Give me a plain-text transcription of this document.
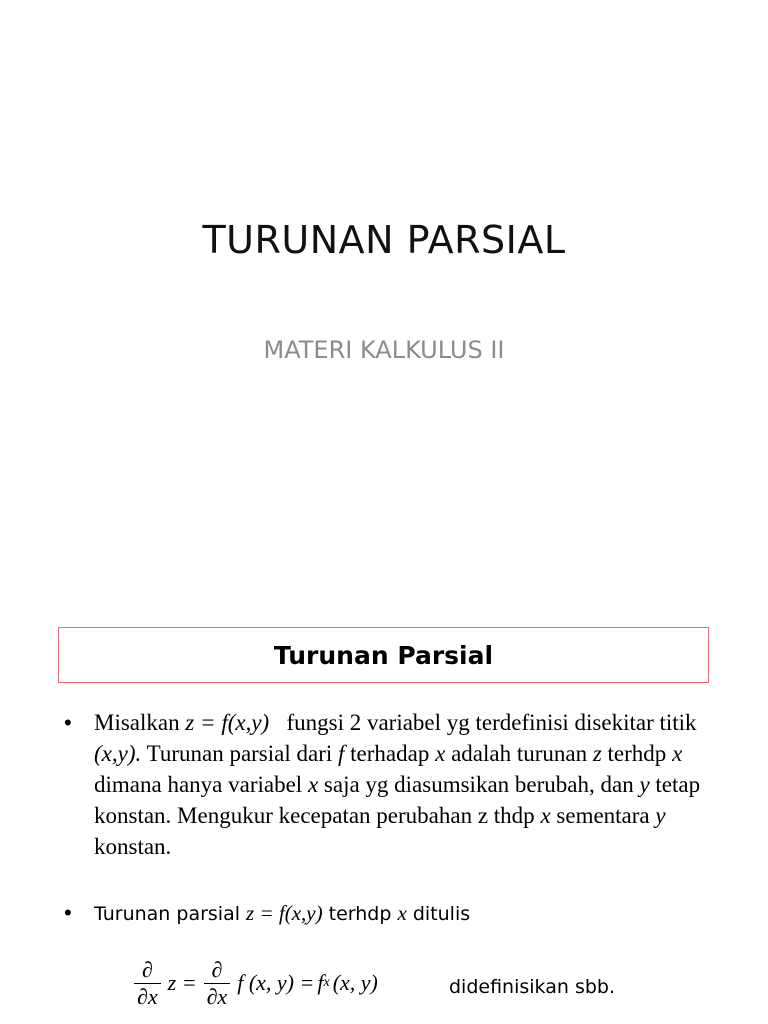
TURUNAN PARSIAL
MATERI KALKULUS II
Turunan Parsial
• Misalkan z = f(x,y)   fungsi 2 variabel yg terdefinisi disekitar titik (x,y). Turunan parsial dari f terhadap x adalah turunan z terhdp x dimana hanya variabel x saja yg diasumsikan berubah, dan y tetap konstan. Mengukur kecepatan perubahan z thdp x sementara y konstan.
• Turunan parsial z = f(x,y) terhdp x ditulis
$\frac{\partial}{\partial x}$ $z = \frac{\partial}{\partial x}$ f (x, y) = f x (x, y)	didefinisikan sbb.
